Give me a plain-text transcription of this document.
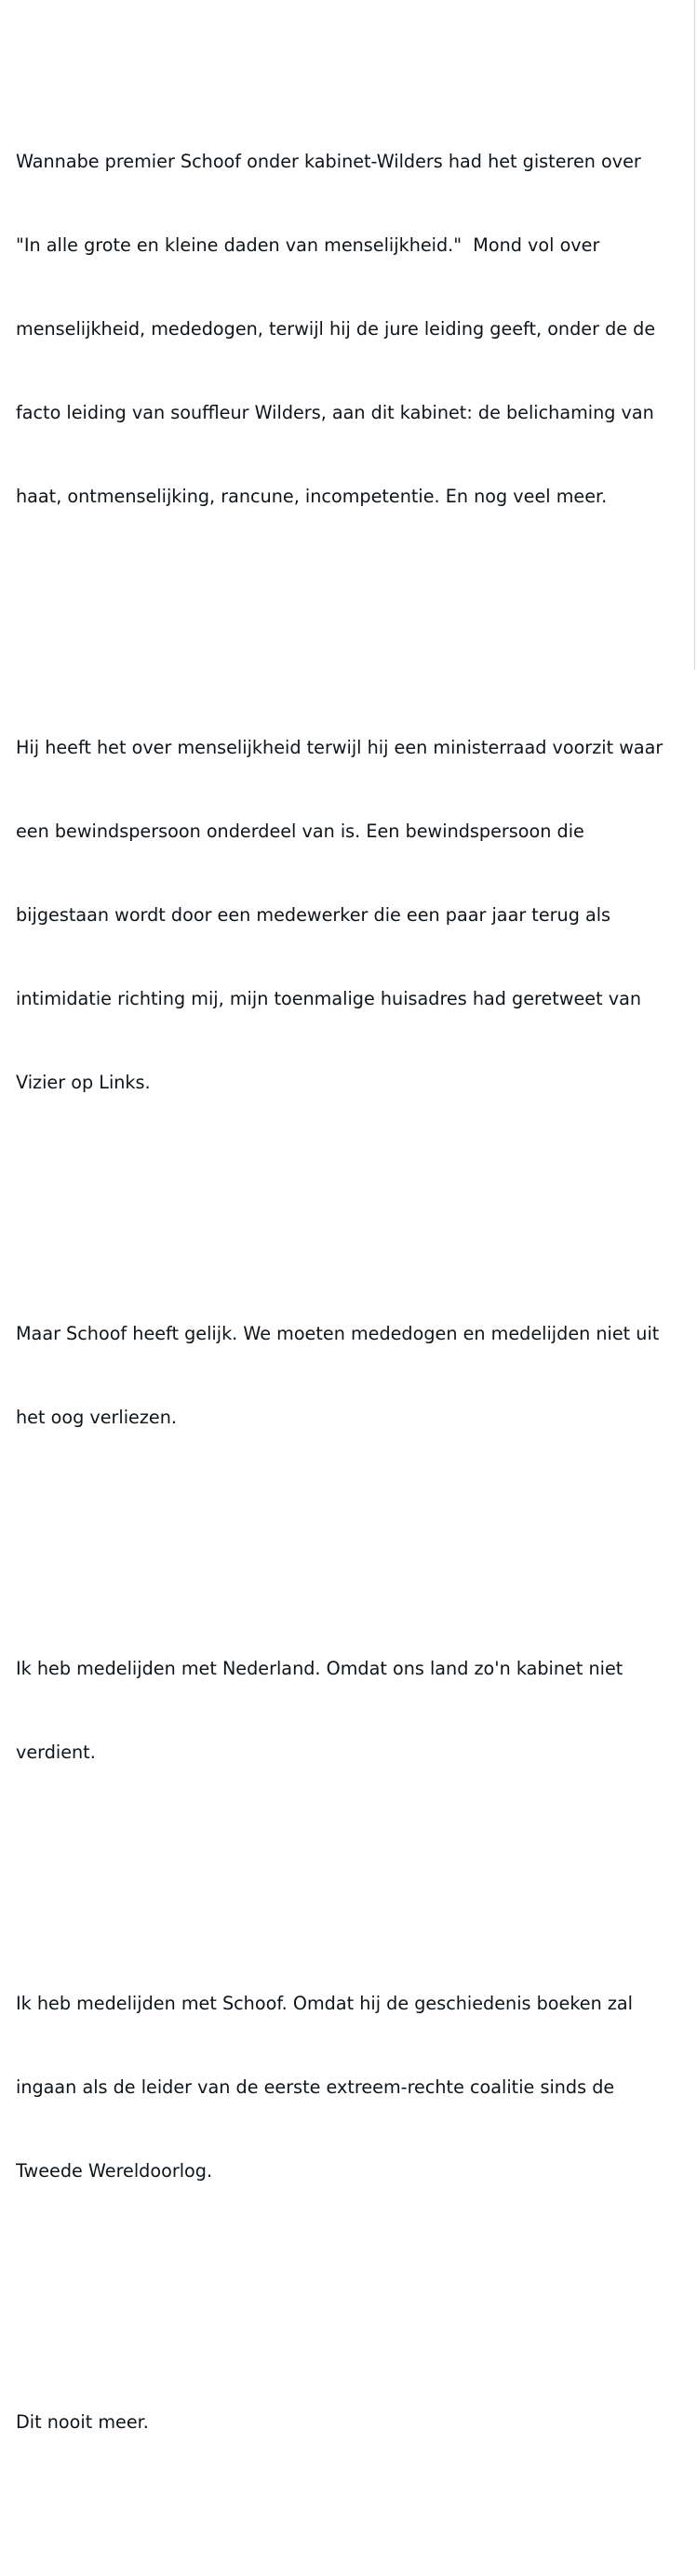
Wannabe premier Schoof onder kabinet-Wilders had het gisteren over

"In alle grote en kleine daden van menselijkheid."  Mond vol over

menselijkheid, mededogen, terwijl hij de jure leiding geeft, onder de de

facto leiding van souffleur Wilders, aan dit kabinet: de belichaming van

haat, ontmenselijking, rancune, incompetentie. En nog veel meer.

Hij heeft het over menselijkheid terwijl hij een ministerraad voorzit waar

een bewindspersoon onderdeel van is. Een bewindspersoon die

bijgestaan wordt door een medewerker die een paar jaar terug als

intimidatie richting mij, mijn toenmalige huisadres had geretweet van

Vizier op Links.

Maar Schoof heeft gelijk. We moeten mededogen en medelijden niet uit

het oog verliezen.

Ik heb medelijden met Nederland. Omdat ons land zo'n kabinet niet

verdient.

Ik heb medelijden met Schoof. Omdat hij de geschiedenis boeken zal

ingaan als de leider van de eerste extreem-rechte coalitie sinds de

Tweede Wereldoorlog.

Dit nooit meer.
